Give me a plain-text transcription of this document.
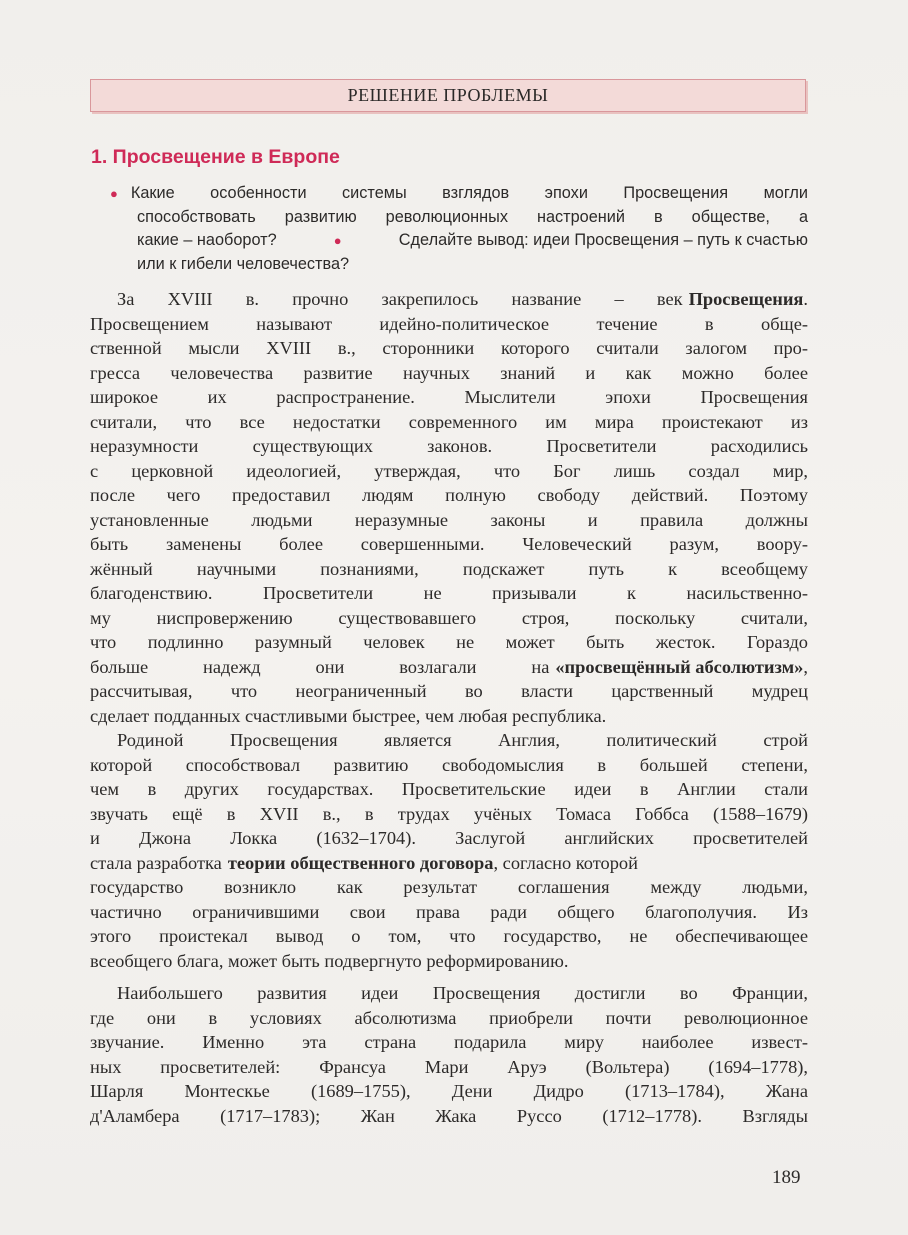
РЕШЕНИЕ ПРОБЛЕМЫ
1. Просвещение в Европе
● Какие особенности системы взглядов эпохи Просвещения могли
способствовать развитию революционных настроений в обществе, а
какие – наоборот?	●	Сделайте вывод: идеи Просвещения – путь к счастью
или к гибели человечества?
За XVIII в. прочно закрепилось название – век Просвещения .
Просвещением называют идейно-политическое течение в обще-
ственной мысли XVIII в., сторонники которого считали залогом про-
гресса человечества развитие научных знаний и как можно более
широкое их распространение. Мыслители эпохи Просвещения
считали, что все недостатки современного им мира проистекают из
неразумности существующих законов. Просветители расходились
с церковной идеологией, утверждая, что Бог лишь создал мир,
после чего предоставил людям полную свободу действий. Поэтому
установленные людьми неразумные законы и правила должны
быть заменены более совершенными. Человеческий разум, воору-
жённый научными познаниями, подскажет путь к всеобщему
благоденствию. Просветители не призывали к насильственно-
му ниспровержению существовавшего строя, поскольку считали,
что подлинно разумный человек не может быть жесток. Гораздо
больше надежд они возлагали на «просвещённый абсолютизм» ,
рассчитывая, что неограниченный во власти царственный мудрец
сделает подданных счастливыми быстрее, чем любая республика.
Родиной Просвещения является Англия, политический строй
которой способствовал развитию свободомыслия в большей степени,
чем в других государствах. Просветительские идеи в Англии стали
звучать ещё в XVII в., в трудах учёных Томаса Гоббса (1588–1679)
и Джона Локка (1632–1704). Заслугой английских просветителей
стала разработка теории общественного договора , согласно которой
государство возникло как результат соглашения между людьми,
частично ограничившими свои права ради общего благополучия. Из
этого проистекал вывод о том, что государство, не обеспечивающее
всеобщего блага, может быть подвергнуто реформированию.
Наибольшего развития идеи Просвещения достигли во Франции,
где они в условиях абсолютизма приобрели почти революционное
звучание. Именно эта страна подарила миру наиболее извест-
ных просветителей: Франсуа Мари Аруэ (Вольтера) (1694–1778),
Шарля Монтескье (1689–1755), Дени Дидро (1713–1784), Жана
д'Аламбера (1717–1783); Жан Жака Руссо (1712–1778). Взгляды
189
